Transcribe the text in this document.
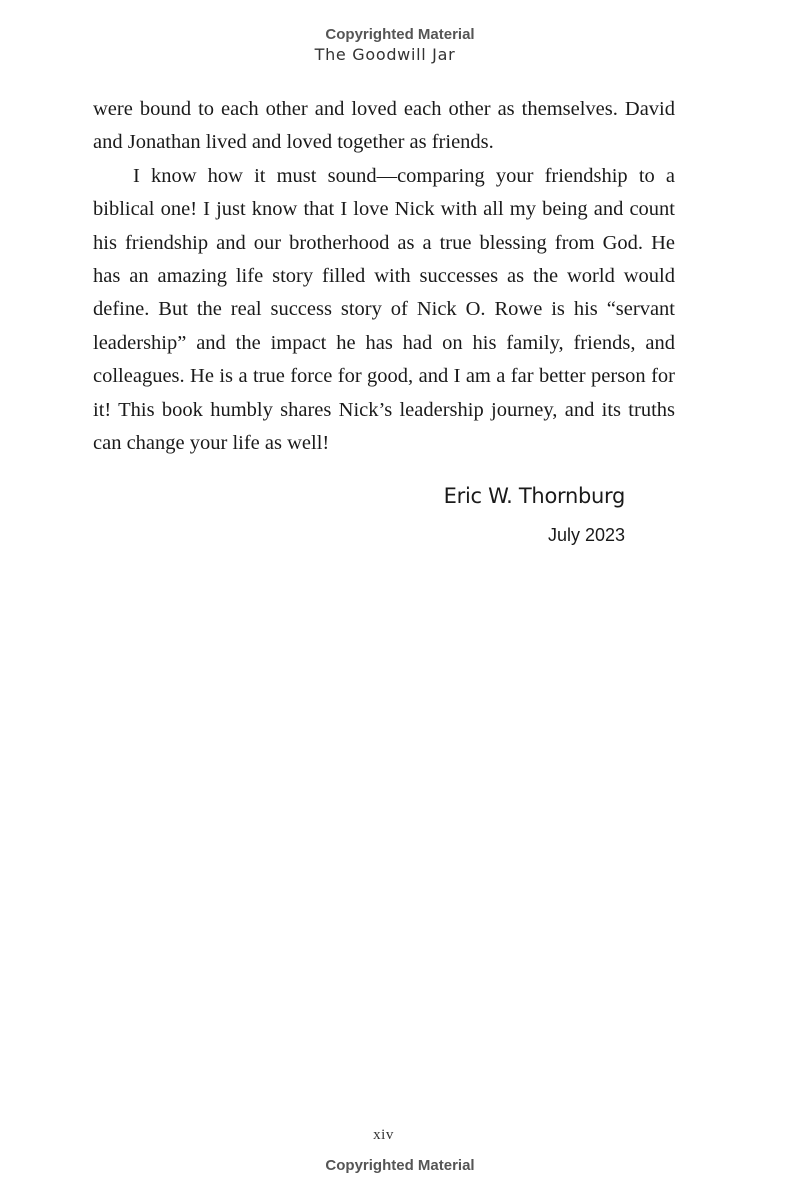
Copyrighted Material
The Goodwill Jar

were bound to each other and loved each other as themselves. David and Jonathan lived and loved together as friends.

I know how it must sound—comparing your friendship to a biblical one! I just know that I love Nick with all my being and count his friendship and our brotherhood as a true blessing from God. He has an amazing life story filled with successes as the world would define. But the real success story of Nick O. Rowe is his “servant leadership” and the impact he has had on his family, friends, and colleagues. He is a true force for good, and I am a far better person for it! This book humbly shares Nick’s leadership journey, and its truths can change your life as well!

Eric W. Thornburg
July 2023
xiv
Copyrighted Material
